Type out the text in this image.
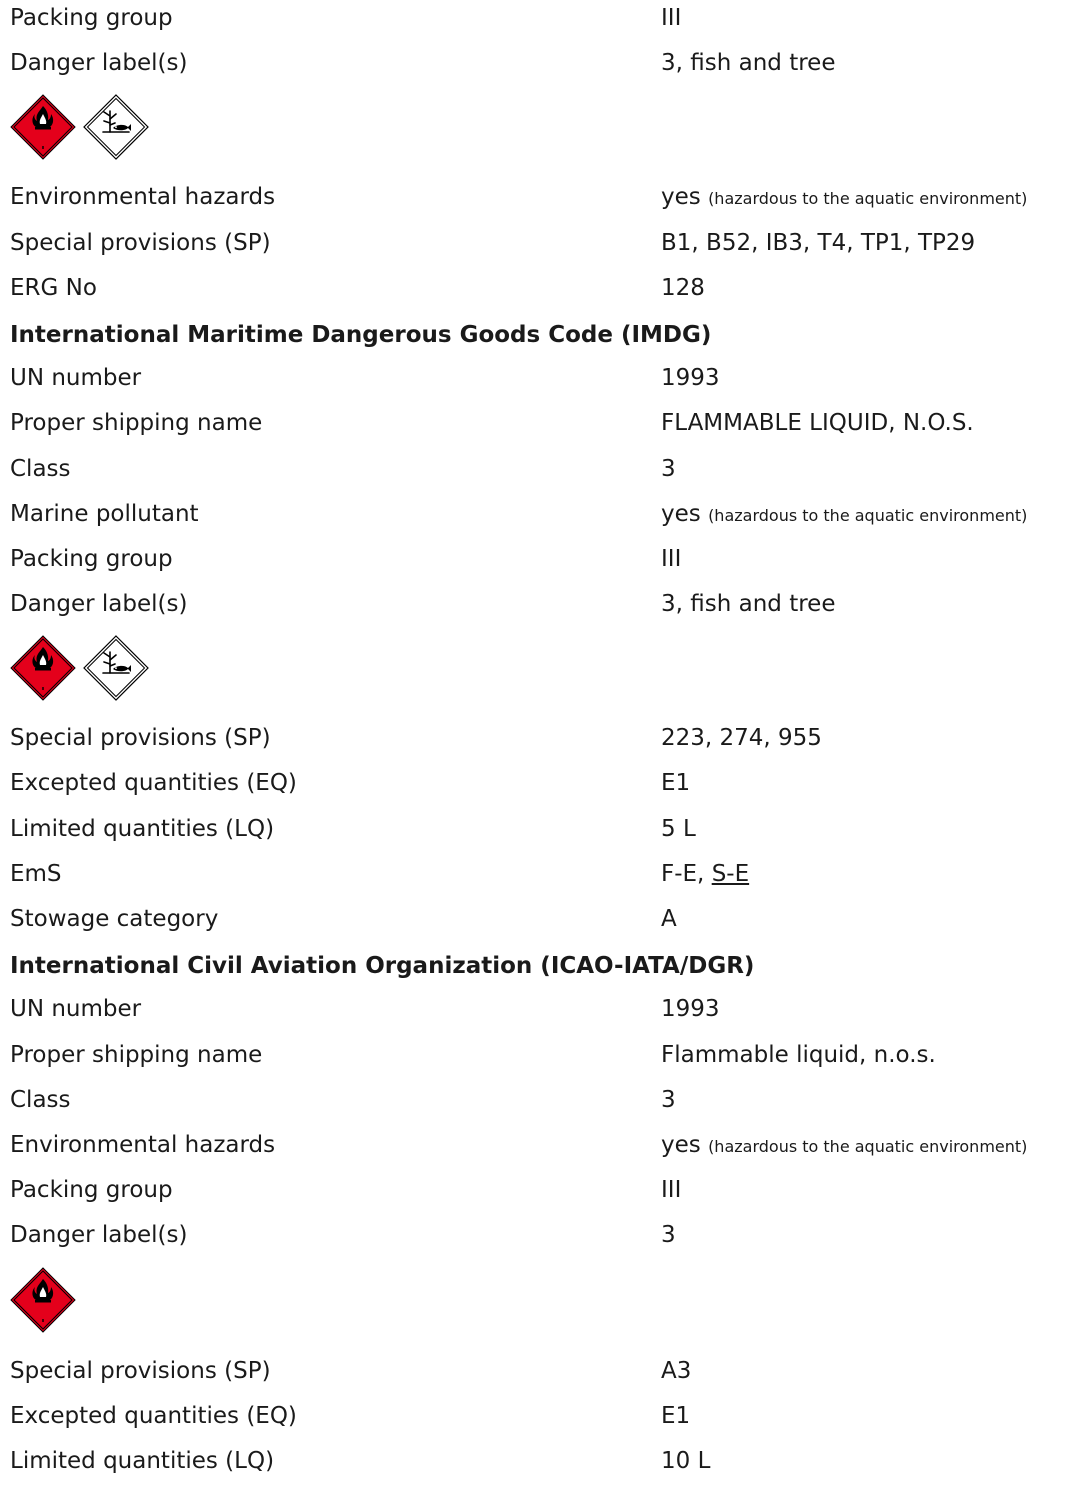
Packing group	III
Danger label(s)	3, fish and tree
Environmental hazards	yes (hazardous to the aquatic environment)
Special provisions (SP)	B1, B52, IB3, T4, TP1, TP29
ERG No	128
International Maritime Dangerous Goods Code (IMDG)
UN number	1993
Proper shipping name	FLAMMABLE LIQUID, N.O.S.
Class	3
Marine pollutant	yes (hazardous to the aquatic environment)
Packing group	III
Danger label(s)	3, fish and tree
Special provisions (SP)	223, 274, 955
Excepted quantities (EQ)	E1
Limited quantities (LQ)	5 L
EmS	F-E, S-E
Stowage category	A
International Civil Aviation Organization (ICAO-IATA/DGR)
UN number	1993
Proper shipping name	Flammable liquid, n.o.s.
Class	3
Environmental hazards	yes (hazardous to the aquatic environment)
Packing group	III
Danger label(s)	3
Special provisions (SP)	A3
Excepted quantities (EQ)	E1
Limited quantities (LQ)	10 L
